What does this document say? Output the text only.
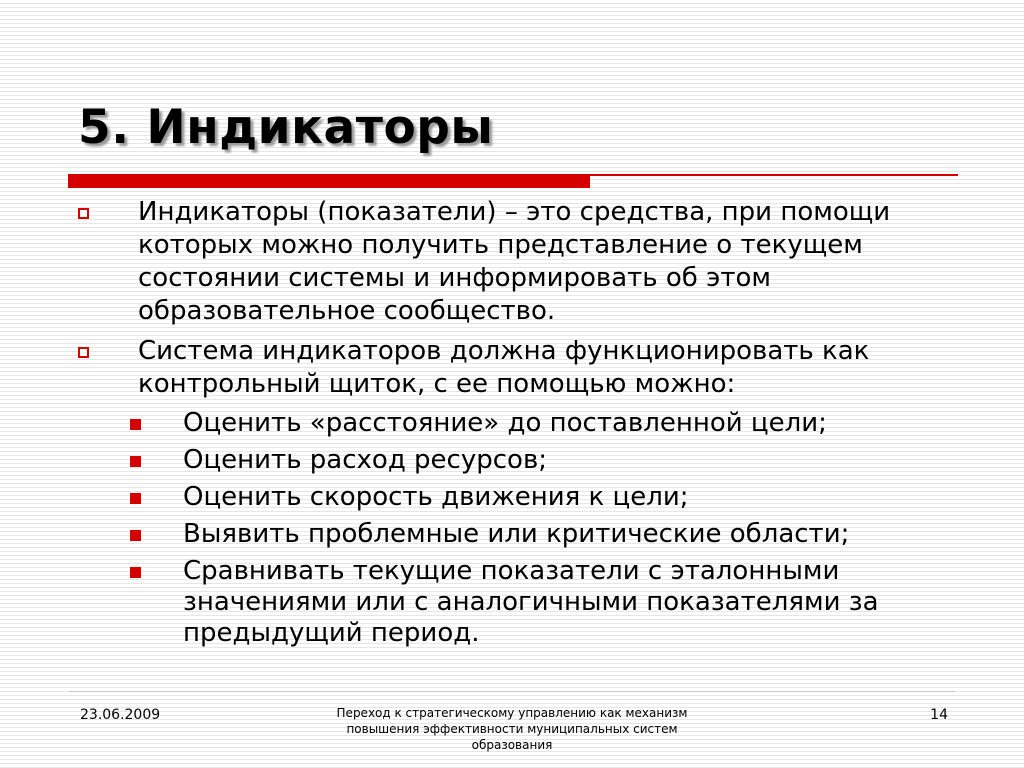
5. Индикаторы
Индикаторы (показатели) – это средства, при помощи которых можно получить представление о текущем состоянии системы и информировать об этом образовательное сообщество.
Система индикаторов должна функционировать как контрольный щиток, с ее помощью можно:
Оценить «расстояние» до поставленной цели;
Оценить расход ресурсов;
Оценить скорость движения к цели;
Выявить проблемные или критические области;
Сравнивать текущие показатели с эталонными значениями или с аналогичными показателями за предыдущий период.
23.06.2009	Переход к стратегическому управлению как механизм повышения эффективности муниципальных систем образования
14
